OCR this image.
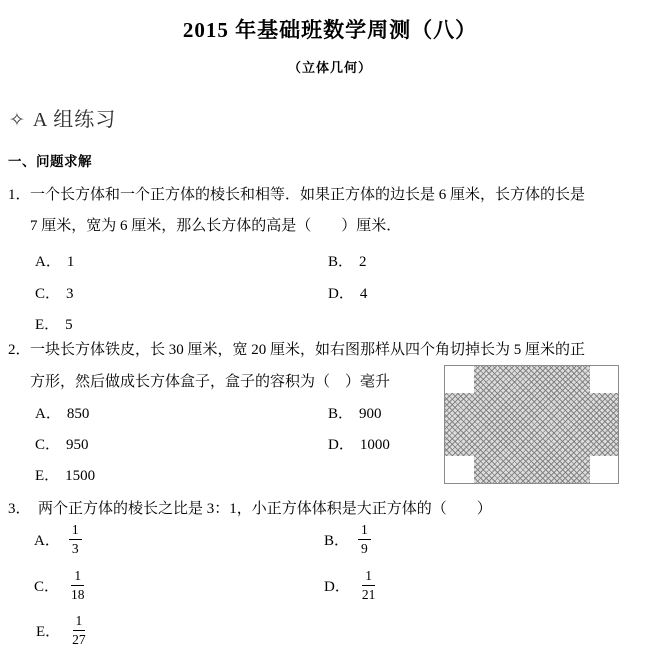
2015 年基础班数学周测（八）
（立体几何）
✧ A 组练习
一、问题求解
1． 一个长方体和一个正方体的棱长和相等．如果正方体的边长是 6 厘米，长方体的长是
7 厘米，宽为 6 厘米，那么长方体的高是（　　）厘米．
A． 1	B． 2
C． 3	D． 4
E． 5
2． 一块长方体铁皮，长 30 厘米，宽 20 厘米，如右图那样从四个角切掉长为 5 厘米的正
方形，然后做成长方体盒子，盒子的容积为（　）毫升
A． 850	B． 900
C． 950	D． 1000
E． 1500
3． 两个正方体的棱长之比是 3：1，小正方体体积是大正方体的（　　）
A． $\frac{1}{3}$	B． $\frac{1}{9}$
C． $\frac{1}{18}$	D． $\frac{1}{21}$
E． $\frac{1}{27}$
